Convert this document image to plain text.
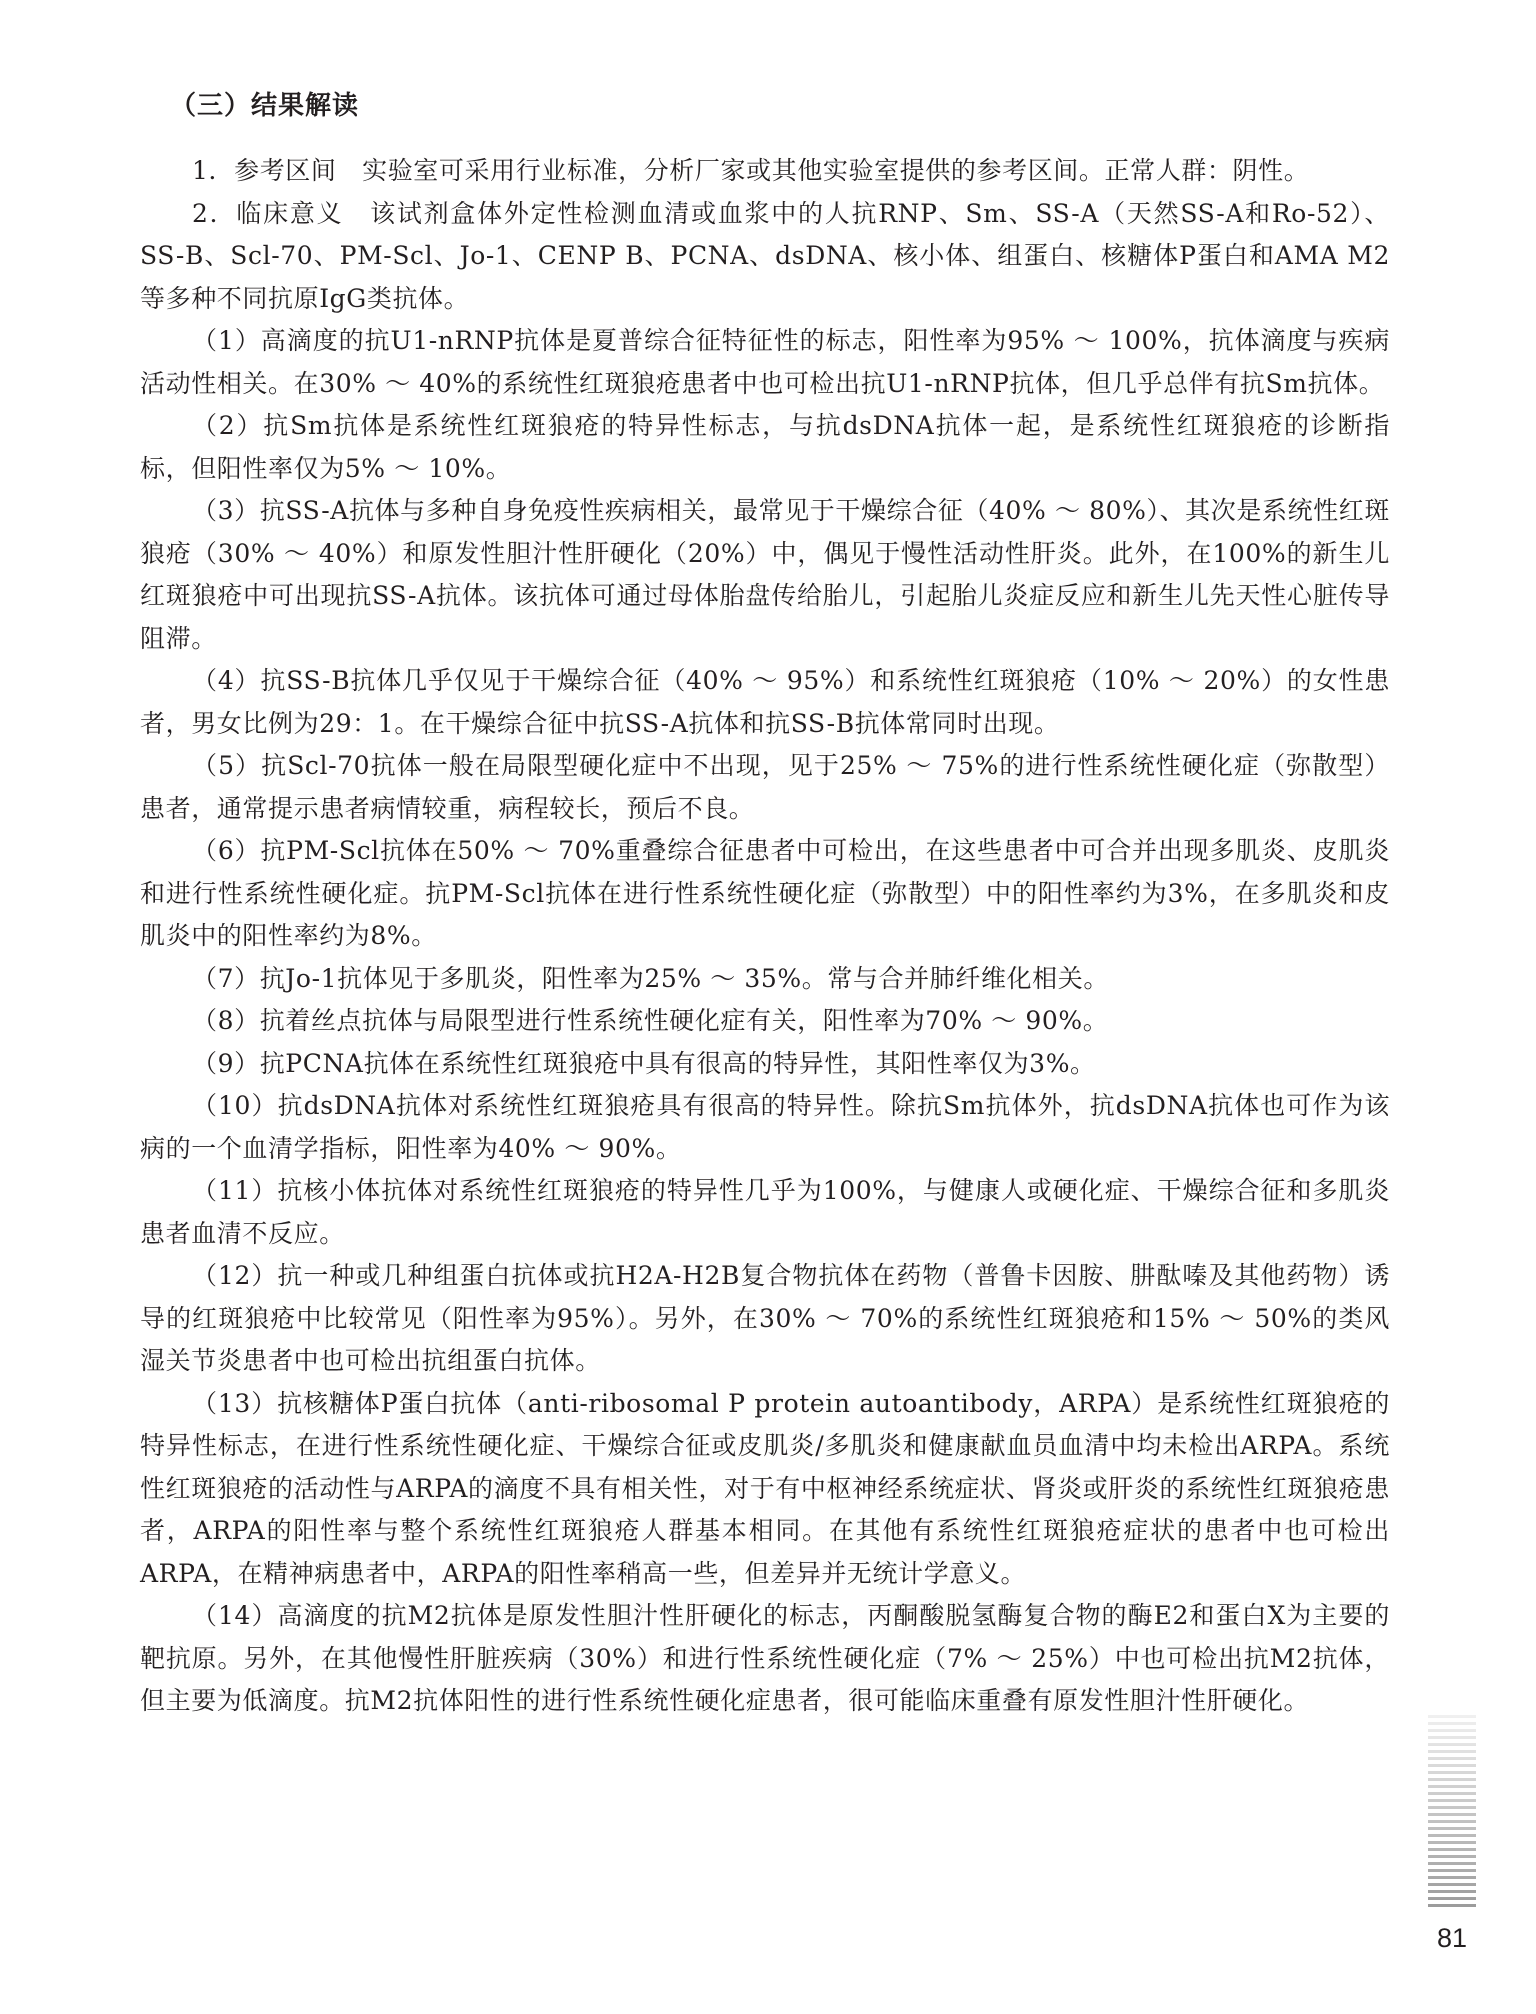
（三）结果解读

1．参考区间　实验室可采用行业标准，分析厂家或其他实验室提供的参考区间。正常人群：阴性。

2．临床意义　该试剂盒体外定性检测血清或血浆中的人抗RNP、Sm、SS-A（天然SS-A和Ro-52）、SS-B、Scl-70、PM-Scl、Jo-1、CENP B、PCNA、dsDNA、核小体、组蛋白、核糖体P蛋白和AMA M2等多种不同抗原IgG类抗体。

（1）高滴度的抗U1-nRNP抗体是夏普综合征特征性的标志，阳性率为95% ～ 100%，抗体滴度与疾病活动性相关。在30% ～ 40%的系统性红斑狼疮患者中也可检出抗U1-nRNP抗体，但几乎总伴有抗Sm抗体。

（2）抗Sm抗体是系统性红斑狼疮的特异性标志，与抗dsDNA抗体一起，是系统性红斑狼疮的诊断指标，但阳性率仅为5% ～ 10%。

（3）抗SS-A抗体与多种自身免疫性疾病相关，最常见于干燥综合征（40% ～ 80%）、其次是系统性红斑狼疮（30% ～ 40%）和原发性胆汁性肝硬化（20%）中，偶见于慢性活动性肝炎。此外，在100%的新生儿红斑狼疮中可出现抗SS-A抗体。该抗体可通过母体胎盘传给胎儿，引起胎儿炎症反应和新生儿先天性心脏传导阻滞。

（4）抗SS-B抗体几乎仅见于干燥综合征（40% ～ 95%）和系统性红斑狼疮（10% ～ 20%）的女性患者，男女比例为29：1。在干燥综合征中抗SS-A抗体和抗SS-B抗体常同时出现。

（5）抗Scl-70抗体一般在局限型硬化症中不出现，见于25% ～ 75%的进行性系统性硬化症（弥散型）患者，通常提示患者病情较重，病程较长，预后不良。

（6）抗PM-Scl抗体在50% ～ 70%重叠综合征患者中可检出，在这些患者中可合并出现多肌炎、皮肌炎和进行性系统性硬化症。抗PM-Scl抗体在进行性系统性硬化症（弥散型）中的阳性率约为3%，在多肌炎和皮肌炎中的阳性率约为8%。

（7）抗Jo-1抗体见于多肌炎，阳性率为25% ～ 35%。常与合并肺纤维化相关。

（8）抗着丝点抗体与局限型进行性系统性硬化症有关，阳性率为70% ～ 90%。

（9）抗PCNA抗体在系统性红斑狼疮中具有很高的特异性，其阳性率仅为3%。

（10）抗dsDNA抗体对系统性红斑狼疮具有很高的特异性。除抗Sm抗体外，抗dsDNA抗体也可作为该病的一个血清学指标，阳性率为40% ～ 90%。

（11）抗核小体抗体对系统性红斑狼疮的特异性几乎为100%，与健康人或硬化症、干燥综合征和多肌炎患者血清不反应。

（12）抗一种或几种组蛋白抗体或抗H2A-H2B复合物抗体在药物（普鲁卡因胺、肼酞嗪及其他药物）诱导的红斑狼疮中比较常见（阳性率为95%）。另外，在30% ～ 70%的系统性红斑狼疮和15% ～ 50%的类风湿关节炎患者中也可检出抗组蛋白抗体。

（13）抗核糖体P蛋白抗体（anti-ribosomal P protein autoantibody，ARPA）是系统性红斑狼疮的特异性标志，在进行性系统性硬化症、干燥综合征或皮肌炎/多肌炎和健康献血员血清中均未检出ARPA。系统性红斑狼疮的活动性与ARPA的滴度不具有相关性，对于有中枢神经系统症状、肾炎或肝炎的系统性红斑狼疮患者，ARPA的阳性率与整个系统性红斑狼疮人群基本相同。在其他有系统性红斑狼疮症状的患者中也可检出ARPA，在精神病患者中，ARPA的阳性率稍高一些，但差异并无统计学意义。

（14）高滴度的抗M2抗体是原发性胆汁性肝硬化的标志，丙酮酸脱氢酶复合物的酶E2和蛋白X为主要的靶抗原。另外，在其他慢性肝脏疾病（30%）和进行性系统性硬化症（7% ～ 25%）中也可检出抗M2抗体，但主要为低滴度。抗M2抗体阳性的进行性系统性硬化症患者，很可能临床重叠有原发性胆汁性肝硬化。

81
